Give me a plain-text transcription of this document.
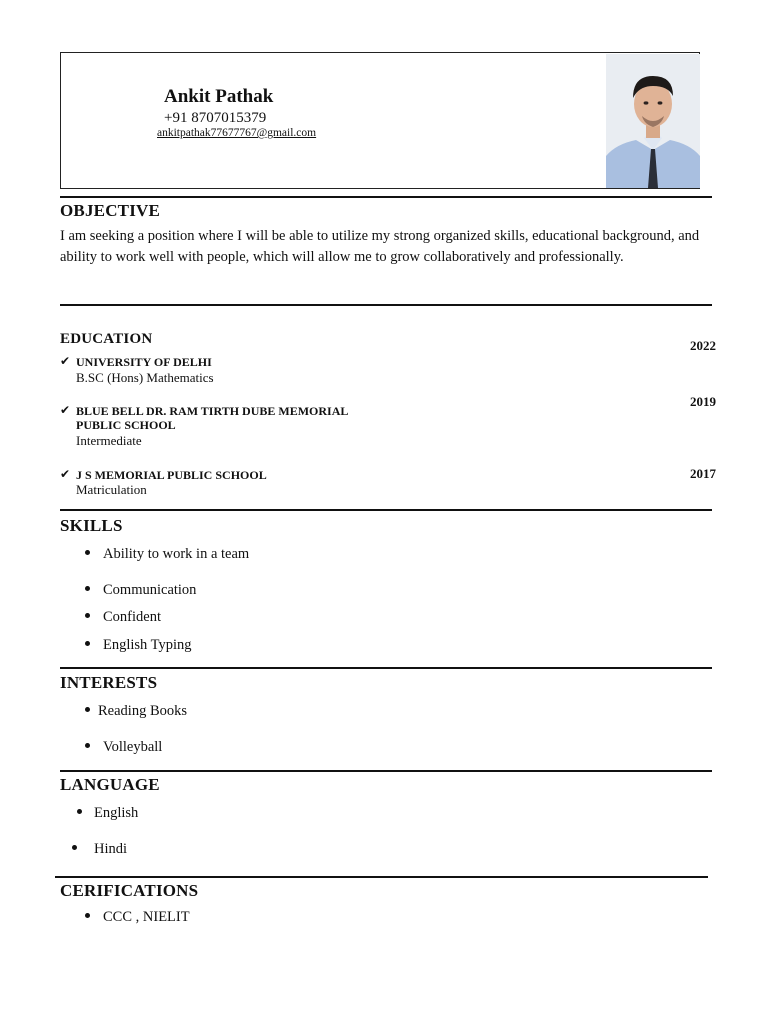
Ankit Pathak
+91 8707015379
ankitpathak77677767@gmail.com
OBJECTIVE
I am seeking a position where I will be able to utilize my strong organized skills, educational background, and ability to work well with people, which will allow me to grow collaboratively and professionally.
EDUCATION
✔ UNIVERSITY OF DELHI
B.SC (Hons) Mathematics
2022
✔ BLUE BELL DR. RAM TIRTH DUBE MEMORIAL
PUBLIC SCHOOL
Intermediate
2019
✔ J S MEMORIAL PUBLIC SCHOOL
Matriculation
2017
SKILLS
Ability to work in a team
Communication
Confident
English Typing
INTERESTS
Reading Books
Volleyball
LANGUAGE
English
Hindi
CERIFICATIONS
CCC , NIELIT
